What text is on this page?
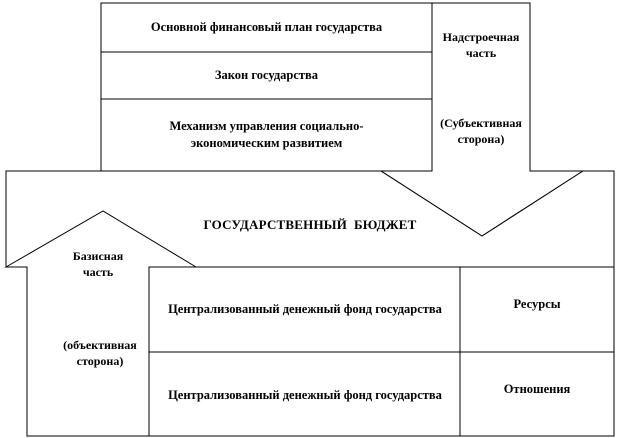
Основной финансовый план государства
Закон государства
Механизм управления социально-экономическим развитием
Надстроечная часть
(Субъективная сторона)
ГОСУДАРСТВЕННЫЙ  БЮДЖЕТ
Базисная часть
(объективная сторона)
Централизованный денежный фонд государства	Ресурсы
Централизованный денежный фонд государства	Отношения
